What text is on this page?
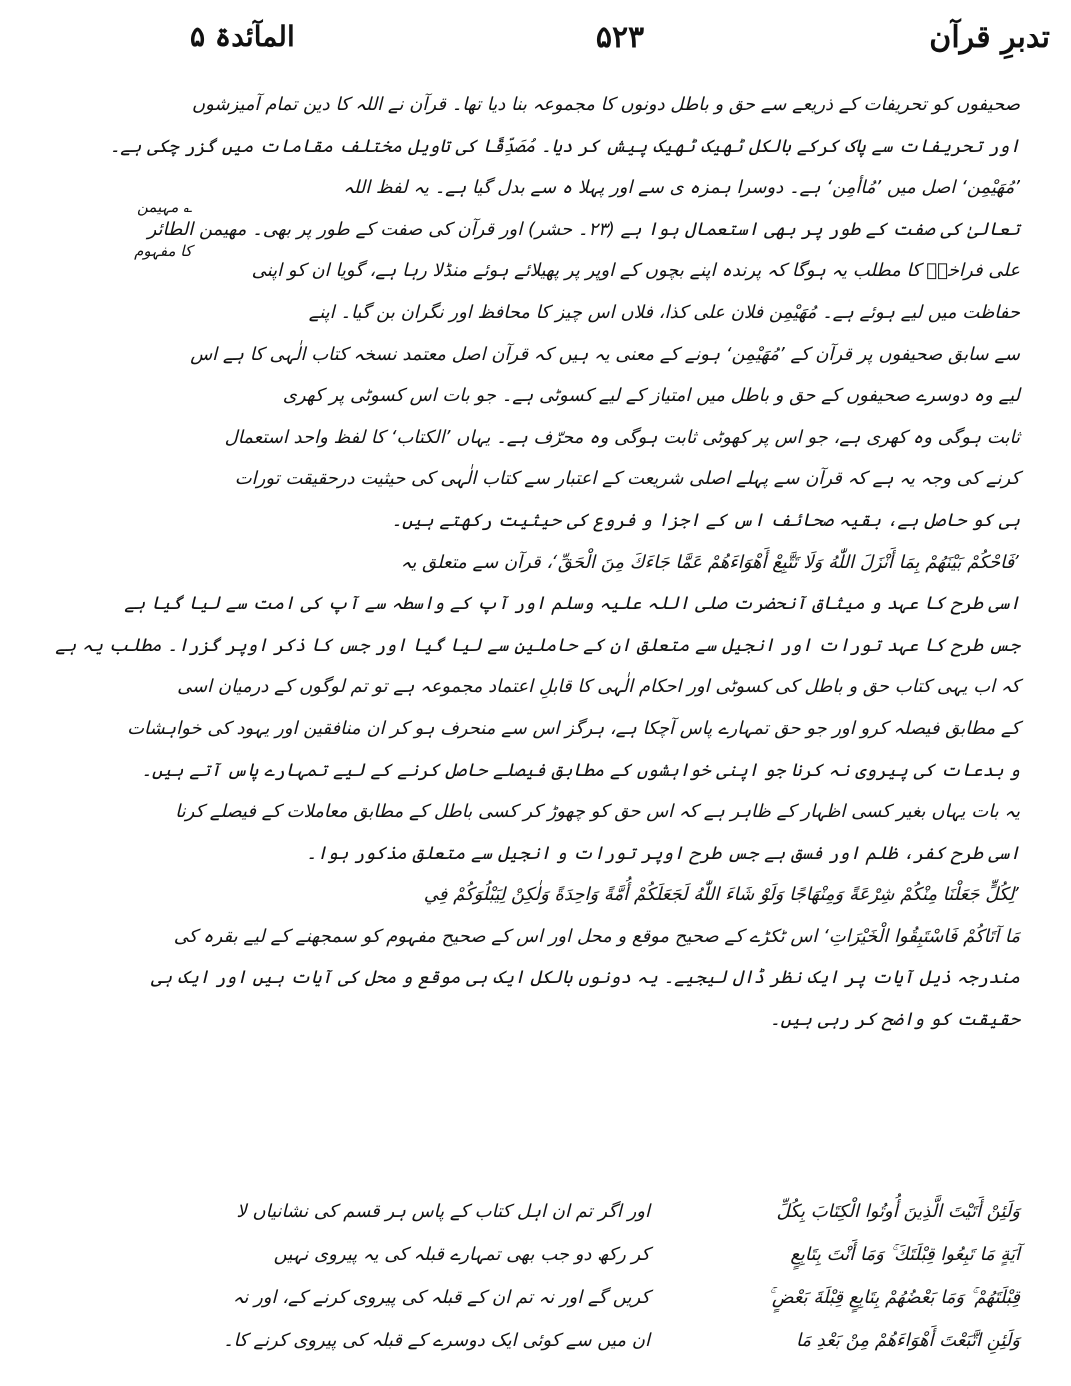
تدبرِ قرآن
۵۲۳
المآئدۃ ۵
؎ مہیمن
کا مفہوم
صحیفوں کو تحریفات کے ذریعے سے حق و باطل دونوں کا مجموعہ بنا دیا تھا۔ قرآن نے اللہ کا دین تمام آمیزشوں
اور تحریفات سے پاک کرکے بالکل ٹھیک ٹھیک پیش کر دیا۔ مُصَدِّقًا کی تاویل مختلف مقامات میں گزر چکی ہے۔
’مُهَيْمِن‘ اصل میں ’مُاأمِن‘ ہے۔ دوسرا ہمزہ ی سے اور پہلا ہ سے بدل گیا ہے۔ یہ لفظ اللہ
تعالیٰ کی صفت کے طور پر بھی استعمال ہوا ہے (۲۳۔ حشر) اور قرآن کی صفت کے طور پر بھی۔ مھیمن الطائر
علی فراخہٗ کا مطلب یہ ہوگا کہ پرندہ اپنے بچوں کے اوپر پر پھیلائے ہوئے منڈلا رہا ہے، گویا ان کو اپنی
حفاظت میں لیے ہوئے ہے۔ مُهَيْمِن فلان علی کذا، فلاں اس چیز کا محافظ اور نگران بن گیا۔ اپنے
سے سابق صحیفوں پر قرآن کے ’مُهَيْمِن‘ ہونے کے معنی یہ ہیں کہ قرآن اصل معتمد نسخہ کتاب الٰہی کا ہے اس
لیے وہ دوسرے صحیفوں کے حق و باطل میں امتیاز کے لیے کسوٹی ہے۔ جو بات اس کسوٹی پر کھری
ثابت ہوگی وہ کھری ہے، جو اس پر کھوٹی ثابت ہوگی وہ محرّف ہے۔ یہاں ’الکتاب‘ کا لفظ واحد استعمال
کرنے کی وجہ یہ ہے کہ قرآن سے پہلے اصلی شریعت کے اعتبار سے کتاب الٰہی کی حیثیت درحقیقت تورات
ہی کو حاصل ہے، بقیہ صحائف اس کے اجزا و فروع کی حیثیت رکھتے ہیں۔
’فَاحْكُمْ بَيْنَهُمْ بِمَا أَنْزَلَ اللّٰهُ وَلَا تَتَّبِعْ أَهْوَاءَهُمْ عَمَّا جَاءَكَ مِنَ الْحَقِّ‘، قرآن سے متعلق یہ
اسی طرح کا عہد و میثاق آنحضرت صلی اللہ علیہ وسلم اور آپ کے واسطہ سے آپ کی امت سے لیا گیا ہے
جس طرح کا عہد تورات اور انجیل سے متعلق ان کے حاملین سے لیا گیا اور جس کا ذکر اوپر گزرا۔ مطلب یہ ہے
کہ اب یہی کتاب حق و باطل کی کسوٹی اور احکام الٰہی کا قابلِ اعتماد مجموعہ ہے تو تم لوگوں کے درمیان اسی
کے مطابق فیصلہ کرو اور جو حق تمہارے پاس آچکا ہے، ہرگز اس سے منحرف ہو کر ان منافقین اور یہود کی خواہشات
و بدعات کی پیروی نہ کرنا جو اپنی خواہشوں کے مطابق فیصلے حاصل کرنے کے لیے تمہارے پاس آتے ہیں۔
یہ بات یہاں بغیر کسی اظہار کے ظاہر ہے کہ اس حق کو چھوڑ کر کسی باطل کے مطابق معاملات کے فیصلے کرنا
اسی طرح کفر، ظلم اور فسق ہے جس طرح اوپر تورات و انجیل سے متعلق مذکور ہوا۔
’لِكُلٍّ جَعَلْنَا مِنْكُمْ شِرْعَةً وَمِنْهَاجًا وَلَوْ شَاءَ اللّٰهُ لَجَعَلَكُمْ أُمَّةً وَاحِدَةً وَلٰكِنْ لِيَبْلُوَكُمْ فِي
مَا آتَاكُمْ فَاسْتَبِقُوا الْخَيْرَاتِ‘ اس ٹکڑے کے صحیح موقع و محل اور اس کے صحیح مفہوم کو سمجھنے کے لیے بقرہ کی
مندرجہ ذیل آیات پر ایک نظر ڈال لیجیے۔ یہ دونوں بالکل ایک ہی موقع و محل کی آیات ہیں اور ایک ہی
حقیقت کو واضح کر رہی ہیں۔
وَلَئِنْ أَتَيْتَ الَّذِينَ أُوتُوا الْكِتَابَ بِكُلِّ
اور اگر تم ان اہل کتاب کے پاس ہر قسم کی نشانیاں لا
آيَةٍ مَا تَبِعُوا قِبْلَتَكَ ۚ وَمَا أَنْتَ بِتَابِعٍ
کر رکھ دو جب بھی تمہارے قبلہ کی یہ پیروی نہیں
قِبْلَتَهُمْ ۚ وَمَا بَعْضُهُمْ بِتَابِعٍ قِبْلَةَ بَعْضٍ ۚ
کریں گے اور نہ تم ان کے قبلہ کی پیروی کرنے کے، اور نہ
وَلَئِنِ اتَّبَعْتَ أَهْوَاءَهُمْ مِنْ بَعْدِ مَا
ان میں سے کوئی ایک دوسرے کے قبلہ کی پیروی کرنے کا۔
